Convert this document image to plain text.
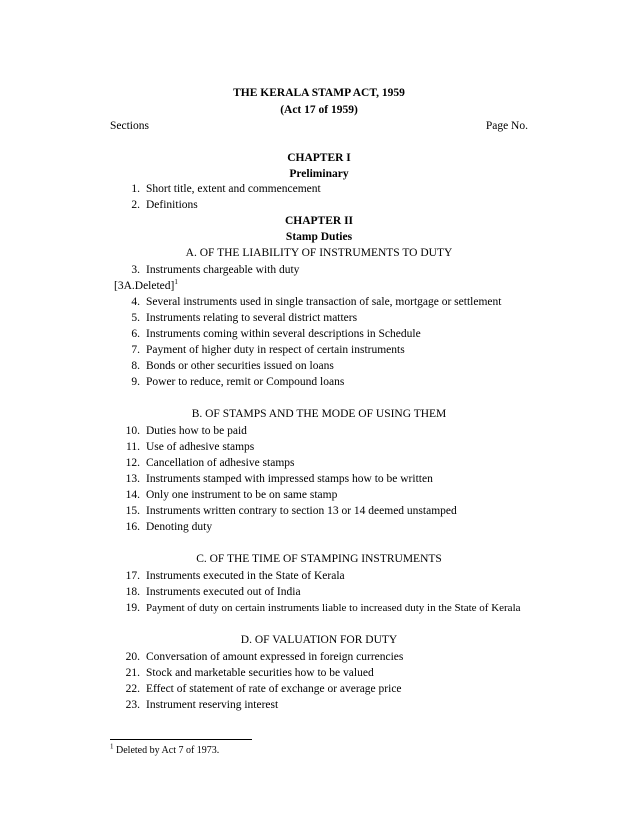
THE KERALA STAMP ACT, 1959
(Act 17 of 1959)
Sections	Page No.
CHAPTER I
Preliminary
1. Short title, extent and commencement
2. Definitions
CHAPTER II
Stamp Duties
A. OF THE LIABILITY OF INSTRUMENTS TO DUTY
3. Instruments chargeable with duty
[3A.Deleted]$^1$
4. Several instruments used in single transaction of sale, mortgage or settlement
5. Instruments relating to several district matters
6. Instruments coming within several descriptions in Schedule
7. Payment of higher duty in respect of certain instruments
8. Bonds or other securities issued on loans
9. Power to reduce, remit or Compound loans
B. OF STAMPS AND THE MODE OF USING THEM
10. Duties how to be paid
11. Use of adhesive stamps
12. Cancellation of adhesive stamps
13. Instruments stamped with impressed stamps how to be written
14. Only one instrument to be on same stamp
15. Instruments written contrary to section 13 or 14 deemed unstamped
16. Denoting duty
C. OF THE TIME OF STAMPING INSTRUMENTS
17. Instruments executed in the State of Kerala
18. Instruments executed out of India
19. Payment of duty on certain instruments liable to increased duty in the State of Kerala
D. OF VALUATION FOR DUTY
20. Conversation of amount expressed in foreign currencies
21. Stock and marketable securities how to be valued
22. Effect of statement of rate of exchange or average price
23. Instrument reserving interest
$^1$ Deleted by Act 7 of 1973.
